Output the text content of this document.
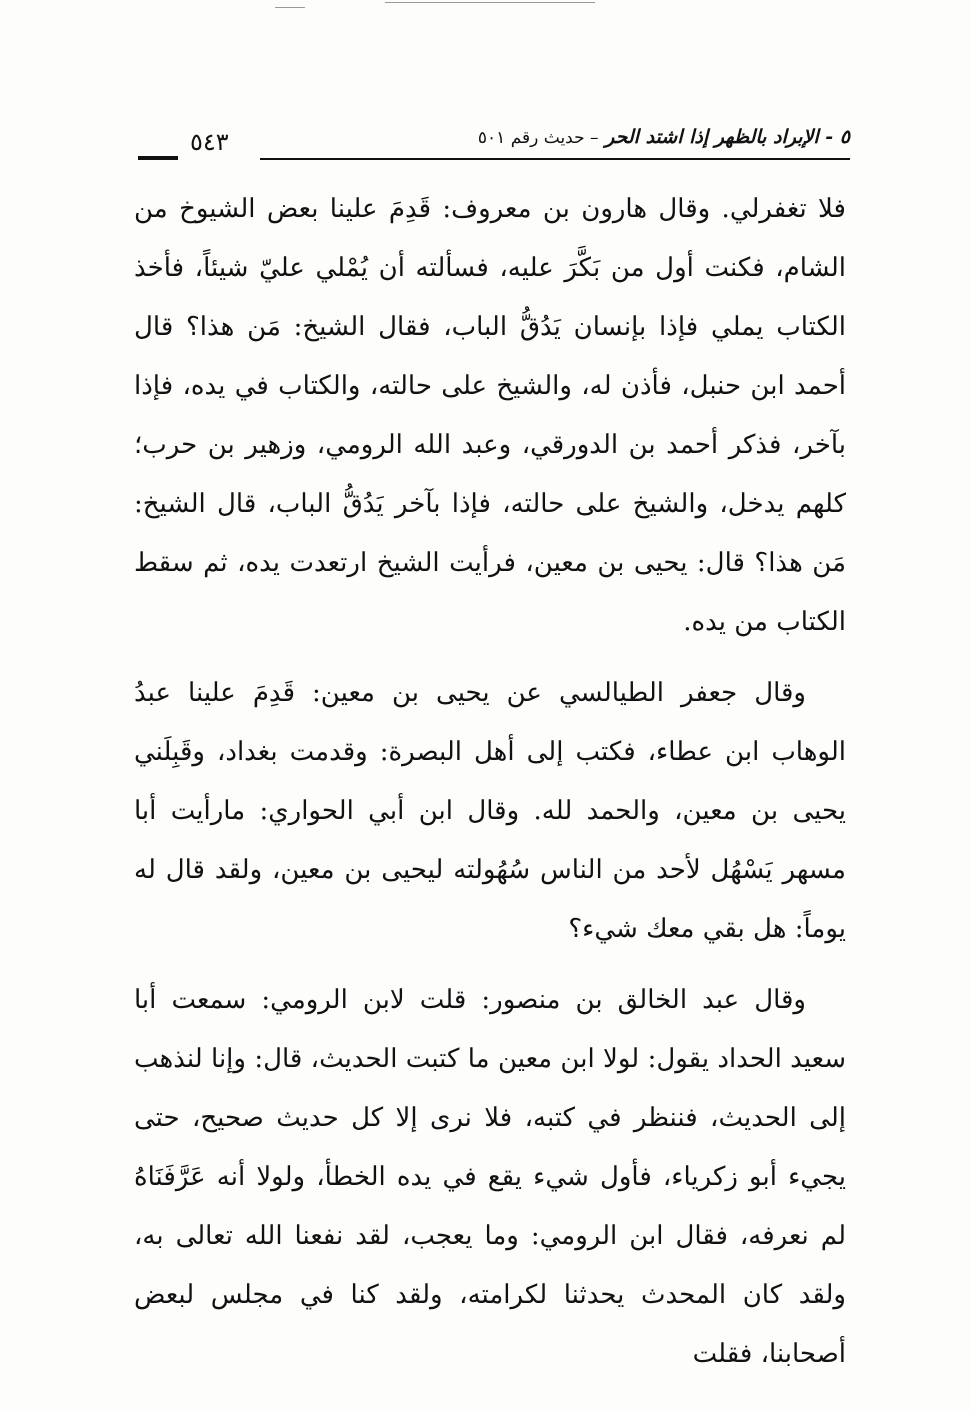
٥ - الإبراد بالظهر إذا اشتد الحر – حديث رقم ٥٠١
٥٤٣

فلا تغفرلي. وقال هارون بن معروف: قَدِمَ علينا بعض الشيوخ من الشام، فكنت أول من بَكَّرَ عليه، فسألته أن يُمْلي عليّ شيئاً، فأخذ الكتاب يملي فإذا بإنسان يَدُقُّ الباب، فقال الشيخ: مَن هذا؟ قال أحمد ابن حنبل، فأذن له، والشيخ على حالته، والكتاب في يده، فإذا بآخر، فذكر أحمد بن الدورقي، وعبد الله الرومي، وزهير بن حرب؛ كلهم يدخل، والشيخ على حالته، فإذا بآخر يَدُقُّ الباب، قال الشيخ: مَن هذا؟ قال: يحيى بن معين، فرأيت الشيخ ارتعدت يده، ثم سقط الكتاب من يده.

وقال جعفر الطيالسي عن يحيى بن معين: قَدِمَ علينا عبدُ الوهاب ابن عطاء، فكتب إلى أهل البصرة: وقدمت بغداد، وقَبِلَني يحيى بن معين، والحمد لله. وقال ابن أبي الحواري: مارأيت أبا مسهر يَسْهُل لأحد من الناس سُهُولته ليحيى بن معين، ولقد قال له يوماً: هل بقي معك شيء؟

وقال عبد الخالق بن منصور: قلت لابن الرومي: سمعت أبا سعيد الحداد يقول: لولا ابن معين ما كتبت الحديث، قال: وإنا لنذهب إلى الحديث، فننظر في كتبه، فلا نرى إلا كل حديث صحيح، حتى يجيء أبو زكرياء، فأول شيء يقع في يده الخطأ، ولولا أنه عَرَّفَنَاهُ لم نعرفه، فقال ابن الرومي: وما يعجب، لقد نفعنا الله تعالى به، ولقد كان المحدث يحدثنا لكرامته، ولقد كنا في مجلس لبعض أصحابنا، فقلت
